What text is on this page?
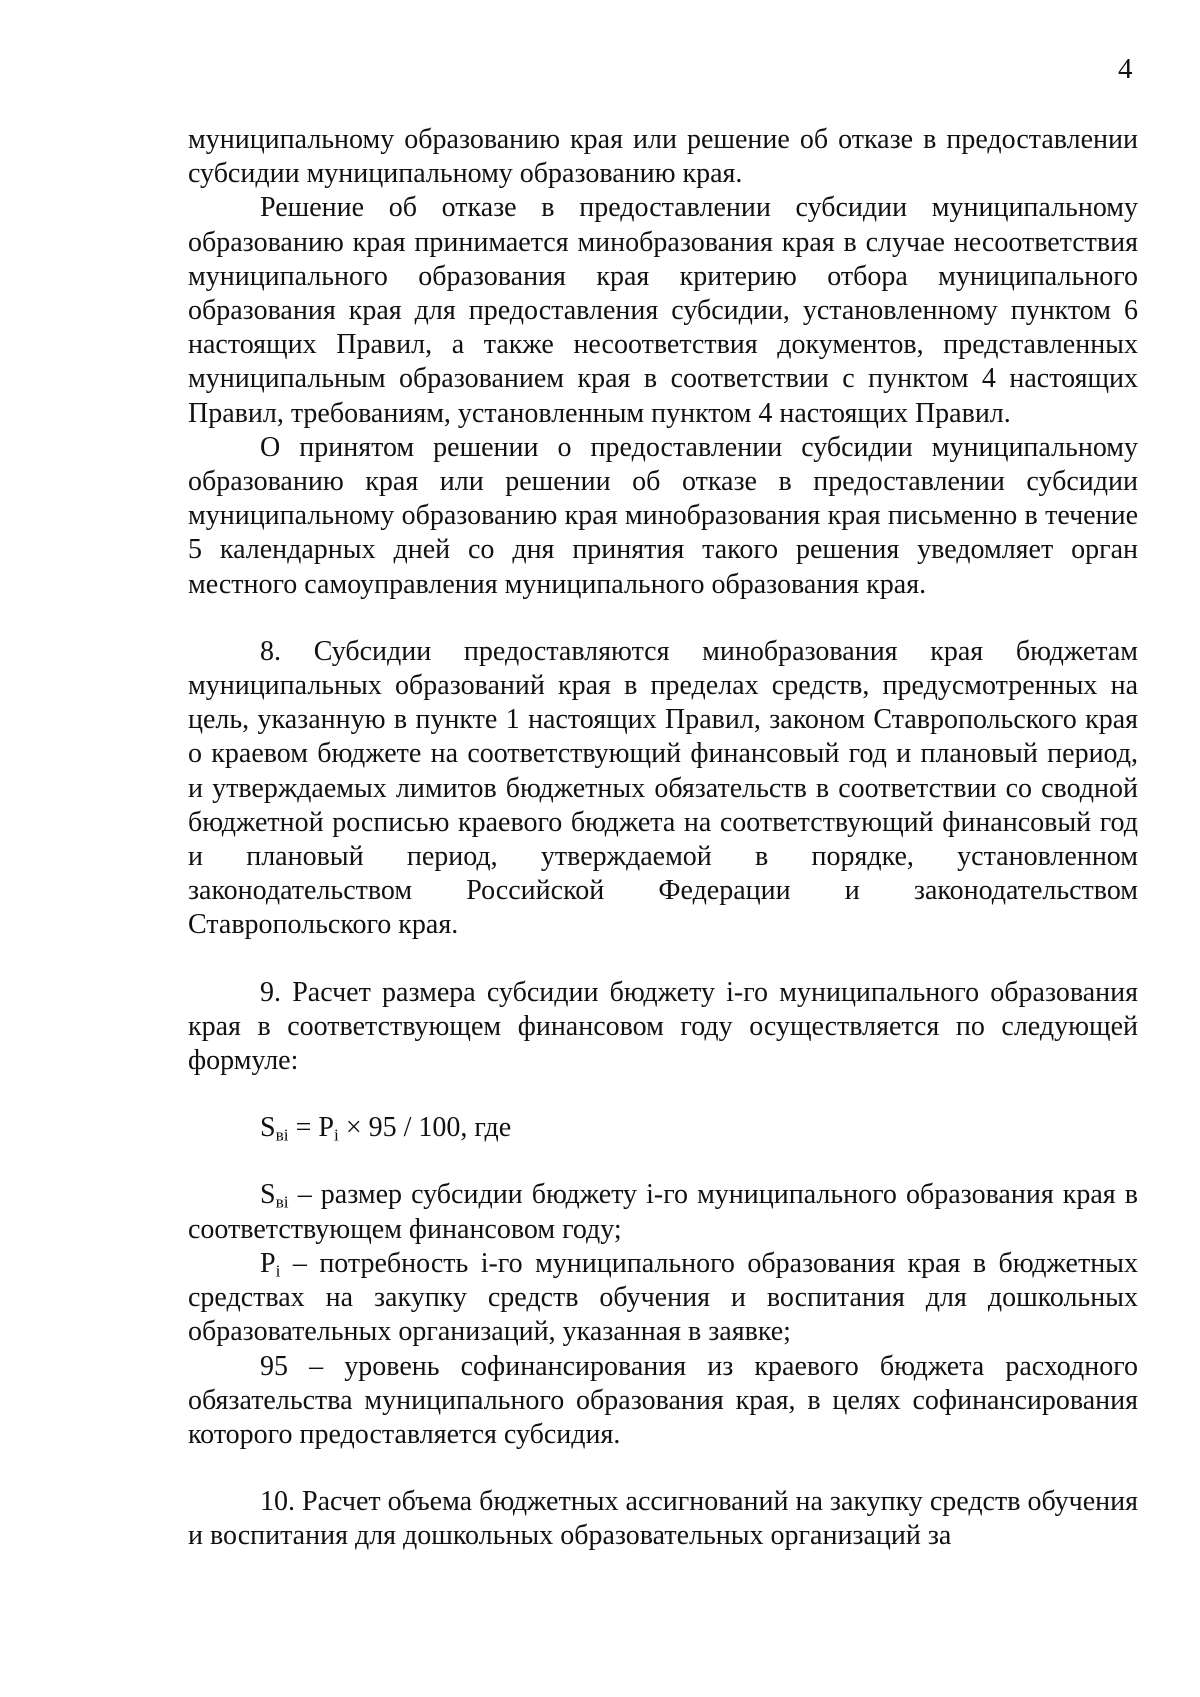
4

муниципальному образованию края или решение об отказе в предоставлении субсидии муниципальному образованию края.

Решение об отказе в предоставлении субсидии муниципальному образованию края принимается минобразования края в случае несоответствия муниципального образования края критерию отбора муниципального образования края для предоставления субсидии, установленному пунктом 6 настоящих Правил, а также несоответствия документов, представленных муниципальным образованием края в соответствии с пунктом 4 настоящих Правил, требованиям, установленным пунктом 4 настоящих Правил.

О принятом решении о предоставлении субсидии муниципальному образованию края или решении об отказе в предоставлении субсидии муниципальному образованию края минобразования края письменно в течение 5 календарных дней со дня принятия такого решения уведомляет орган местного самоуправления муниципального образования края.

8. Субсидии предоставляются минобразования края бюджетам муниципальных образований края в пределах средств, предусмотренных на цель, указанную в пункте 1 настоящих Правил, законом Ставропольского края о краевом бюджете на соответствующий финансовый год и плановый период, и утверждаемых лимитов бюджетных обязательств в соответствии со сводной бюджетной росписью краевого бюджета на соответствующий финансовый год и плановый период, утверждаемой в порядке, установленном законодательством Российской Федерации и законодательством Ставропольского края.

9. Расчет размера субсидии бюджету i-го муниципального образования края в соответствующем финансовом году осуществляется по следующей формуле:

$S_{вi} = P_i \times 95 / 100$, где

$S_{вi}$ – размер субсидии бюджету i-го муниципального образования края в соответствующем финансовом году;

$P_i$ – потребность i-го муниципального образования края в бюджетных средствах на закупку средств обучения и воспитания для дошкольных образовательных организаций, указанная в заявке;

95 – уровень софинансирования из краевого бюджета расходного обязательства муниципального образования края, в целях софинансирования которого предоставляется субсидия.

10. Расчет объема бюджетных ассигнований на закупку средств обучения и воспитания для дошкольных образовательных организаций за
